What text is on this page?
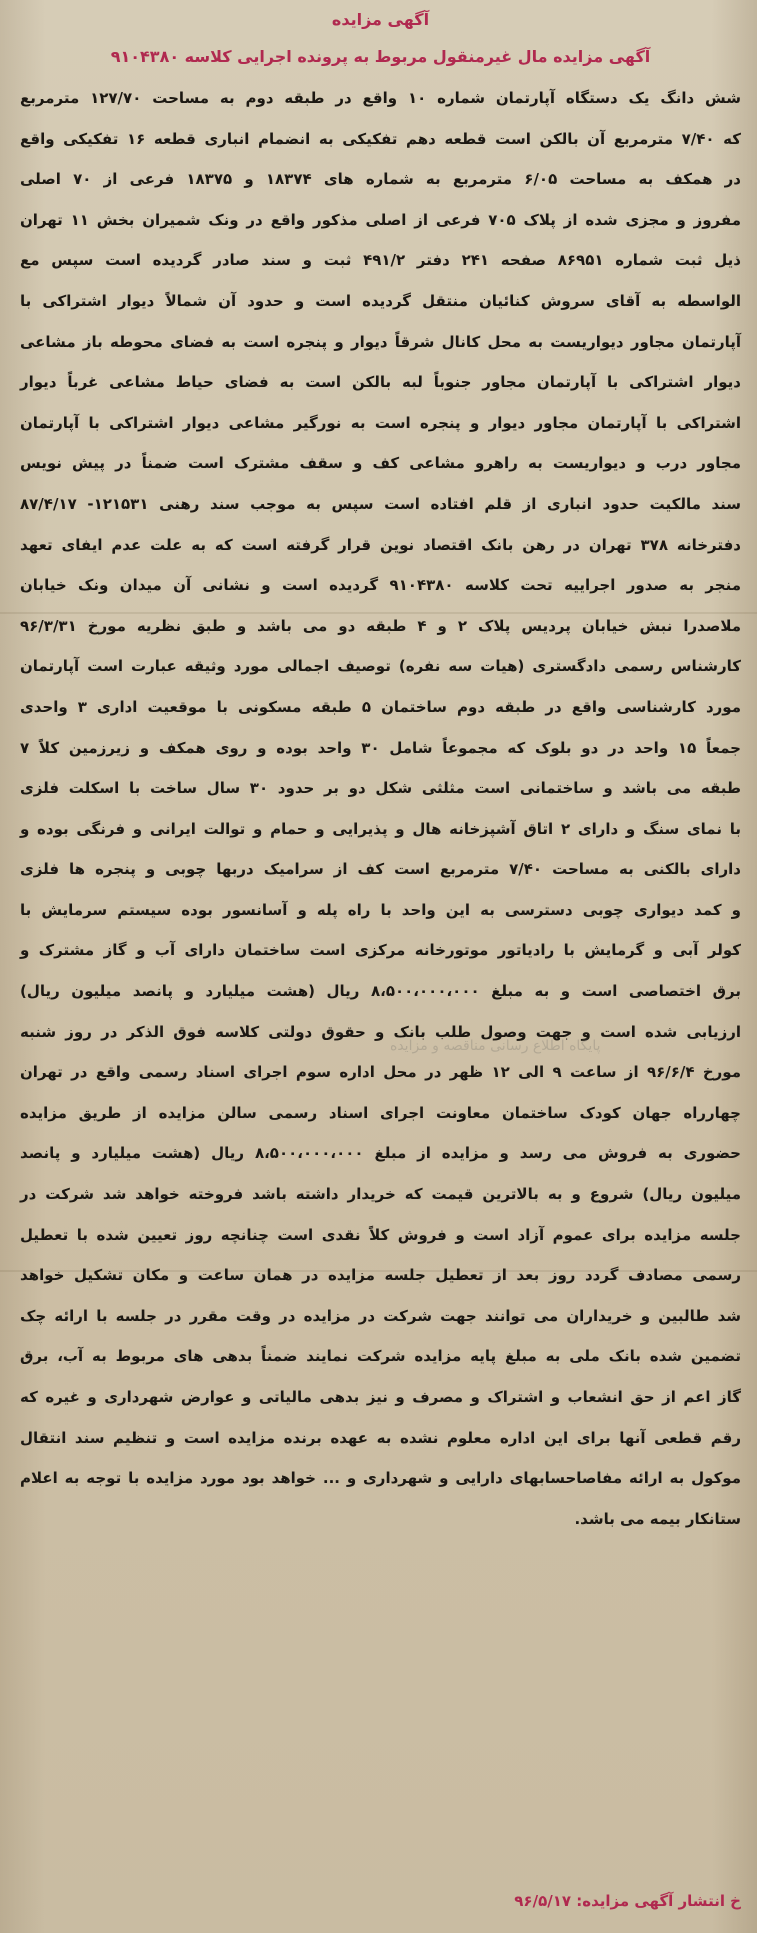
آگهی مزایده
آگهی مزایده مال غیرمنقول مربوط به پرونده اجرایی کلاسه ۹۱۰۴۳۸۰
شش دانگ یک دستگاه آپارتمان شماره ۱۰ واقع در طبقه دوم به مساحت ۱۲۷/۷۰ مترمربع
که ۷/۴۰ مترمربع آن بالکن است قطعه دهم تفکیکی به انضمام انباری قطعه ۱۶ تفکیکی واقع
در همکف به مساحت ۶/۰۵ مترمربع به شماره های ۱۸۳۷۴ و ۱۸۳۷۵ فرعی از ۷۰ اصلی
مفروز و مجزی شده از پلاک ۷۰۵ فرعی از اصلی مذکور واقع در ونک شمیران بخش ۱۱ تهران
ذیل ثبت شماره ۸۶۹۵۱ صفحه ۲۴۱ دفتر ۴۹۱/۲ ثبت و سند صادر گردیده است سپس مع
الواسطه به آقای سروش کنائیان منتقل گردیده است و حدود آن شمالاً دیوار اشتراکی با
آپارتمان مجاور دیواریست به محل کانال شرقاً دیوار و پنجره است به فضای محوطه باز مشاعی
دیوار اشتراکی با آپارتمان مجاور جنوباً لبه بالکن است به فضای حیاط مشاعی غرباً دیوار
اشتراکی با آپارتمان مجاور دیوار و پنجره است به نورگیر مشاعی دیوار اشتراکی با آپارتمان
مجاور درب و دیواریست به راهرو مشاعی کف و سقف مشترک است ضمناً در پیش نویس
سند مالکیت حدود انباری از قلم افتاده است سپس به موجب سند رهنی ۱۲۱۵۳۱- ۸۷/۴/۱۷
دفترخانه ۳۷۸ تهران در رهن بانک اقتصاد نوین قرار گرفته است که به علت عدم ایفای تعهد
منجر به صدور اجراییه تحت کلاسه ۹۱۰۴۳۸۰ گردیده است و نشانی آن میدان ونک خیابان
ملاصدرا نبش خیابان پردیس پلاک ۲ و ۴ طبقه دو می باشد و طبق نظریه مورخ ۹۶/۳/۳۱
کارشناس رسمی دادگستری (هیات سه نفره) توصیف اجمالی مورد وثیقه عبارت است آپارتمان
مورد کارشناسی واقع در طبقه دوم ساختمان ۵ طبقه مسکونی با موقعیت اداری ۳ واحدی
جمعاً ۱۵ واحد در دو بلوک که مجموعاً شامل ۳۰ واحد بوده و روی همکف و زیرزمین کلاً ۷
طبقه می باشد و ساختمانی است مثلثی شکل دو بر حدود ۳۰ سال ساخت با اسکلت فلزی
با نمای سنگ و دارای ۲ اتاق آشپزخانه هال و پذیرایی و حمام و توالت ایرانی و فرنگی بوده و
دارای بالکنی به مساحت ۷/۴۰ مترمربع است کف از سرامیک دربها چوبی و پنجره ها فلزی
و کمد دیواری چوبی دسترسی به این واحد با راه پله و آسانسور بوده سیستم سرمایش با
کولر آبی و گرمایش با رادیاتور موتورخانه مرکزی است ساختمان دارای آب و گاز مشترک و
برق اختصاصی است و به مبلغ ۸،۵۰۰،۰۰۰،۰۰۰ ریال (هشت میلیارد و پانصد میلیون ریال)
ارزیابی شده است و جهت وصول طلب بانک و حقوق دولتی کلاسه فوق الذکر در روز شنبه
مورخ ۹۶/۶/۴ از ساعت ۹ الی ۱۲ ظهر در محل اداره سوم اجرای اسناد رسمی واقع در تهران
چهارراه جهان کودک ساختمان معاونت اجرای اسناد رسمی سالن مزایده از طریق مزایده
حضوری به فروش می رسد و مزایده از مبلغ ۸،۵۰۰،۰۰۰،۰۰۰ ریال (هشت میلیارد و پانصد
میلیون ریال) شروع و به بالاترین قیمت که خریدار داشته باشد فروخته خواهد شد شرکت در
جلسه مزایده برای عموم آزاد است و فروش کلاً نقدی است چنانچه روز تعیین شده با تعطیل
رسمی مصادف گردد روز بعد از تعطیل جلسه مزایده در همان ساعت و مکان تشکیل خواهد
شد طالبین و خریداران می توانند جهت شرکت در مزایده در وقت مقرر در جلسه با ارائه چک
تضمین شده بانک ملی به مبلغ پایه مزایده شرکت نمایند ضمناً بدهی های مربوط به آب، برق
گاز اعم از حق انشعاب و اشتراک و مصرف و نیز بدهی مالیاتی و عوارض شهرداری و غیره که
رقم قطعی آنها برای این اداره معلوم نشده به عهده برنده مزایده است و تنظیم سند انتقال
موکول به ارائه مفاصاحسابهای دارایی و شهرداری و ... خواهد بود مورد مزایده با توجه به اعلام
ستانکار بیمه می باشد.
خ انتشار آگهی مزایده: ۹۶/۵/۱۷
پایگاه اطلاع رسانی مناقصه و مزایده
